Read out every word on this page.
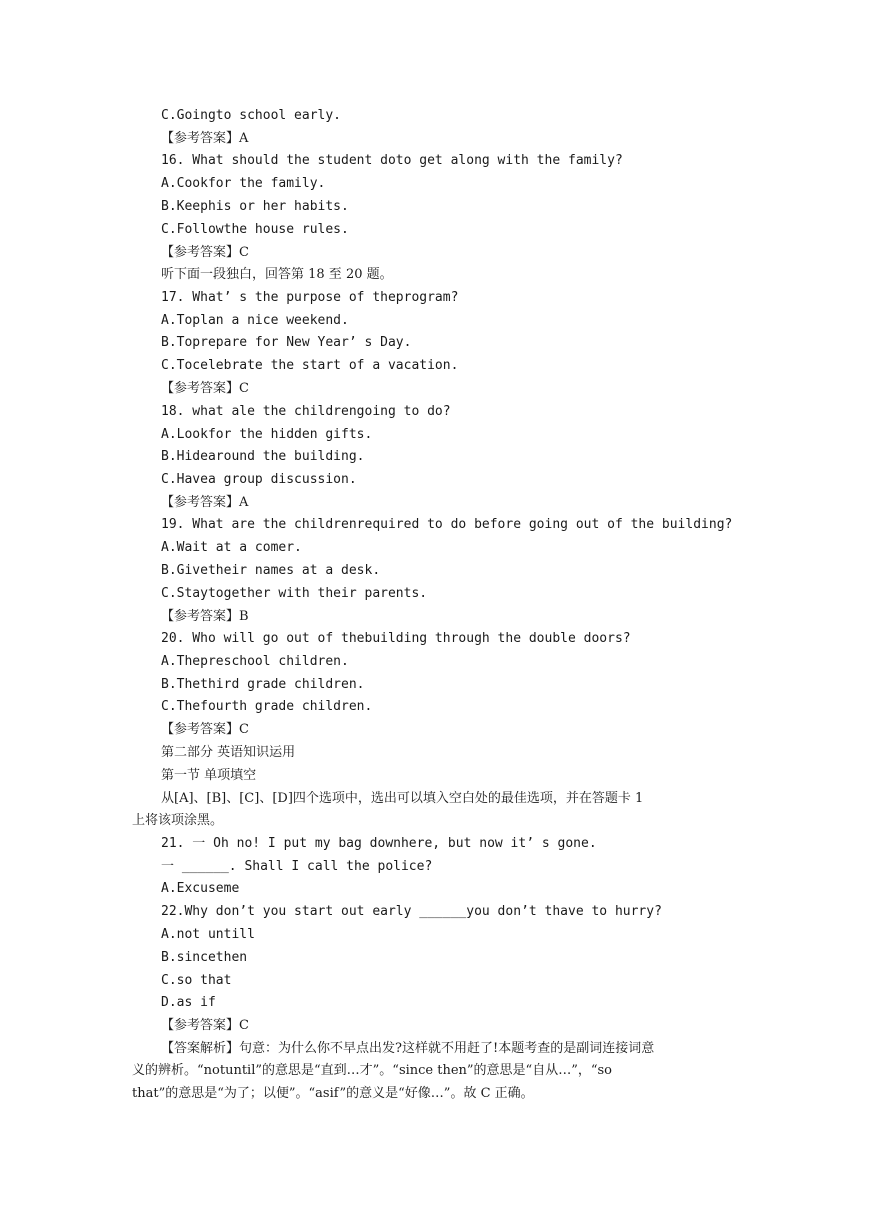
C.Goingto school early.
【参考答案】A
16. What should the student doto get along with the family?
A.Cookfor the family.
B.Keephis or her habits.
C.Followthe house rules.
【参考答案】C
听下面一段独白，回答第 18 至 20 题。
17. What’ s the purpose of theprogram?
A.Toplan a nice weekend.
B.Toprepare for New Year’ s Day.
C.Tocelebrate the start of a vacation.
【参考答案】C
18. what ale the childrengoing to do?
A.Lookfor the hidden gifts.
B.Hidearound the building.
C.Havea group discussion.
【参考答案】A
19. What are the childrenrequired to do before going out of the building?
A.Wait at a comer.
B.Givetheir names at a desk.
C.Staytogether with their parents.
【参考答案】B
20. Who will go out of thebuilding through the double doors?
A.Thepreschool children.
B.Thethird grade children.
C.Thefourth grade children.
【参考答案】C
第二部分 英语知识运用
第一节 单项填空
从[A]、[B]、[C]、[D]四个选项中，选出可以填入空白处的最佳选项，并在答题卡 1
上将该项涂黑。
21. 一 Oh no! I put my bag downhere, but now it’ s gone.
一 ______. Shall I call the police?
A.Excuseme
22.Why don’t you start out early ______you don’t thave to hurry?
A.not untill
B.sincethen
C.so that
D.as if
【参考答案】C
【答案解析】句意：为什么你不早点出发?这样就不用赶了!本题考查的是副词连接词意
义的辨析。“notuntil”的意思是“直到…才”。“since then”的意思是“自从…”，“so
that”的意思是“为了；以便”。“asif”的意义是“好像…”。故 C 正确。
